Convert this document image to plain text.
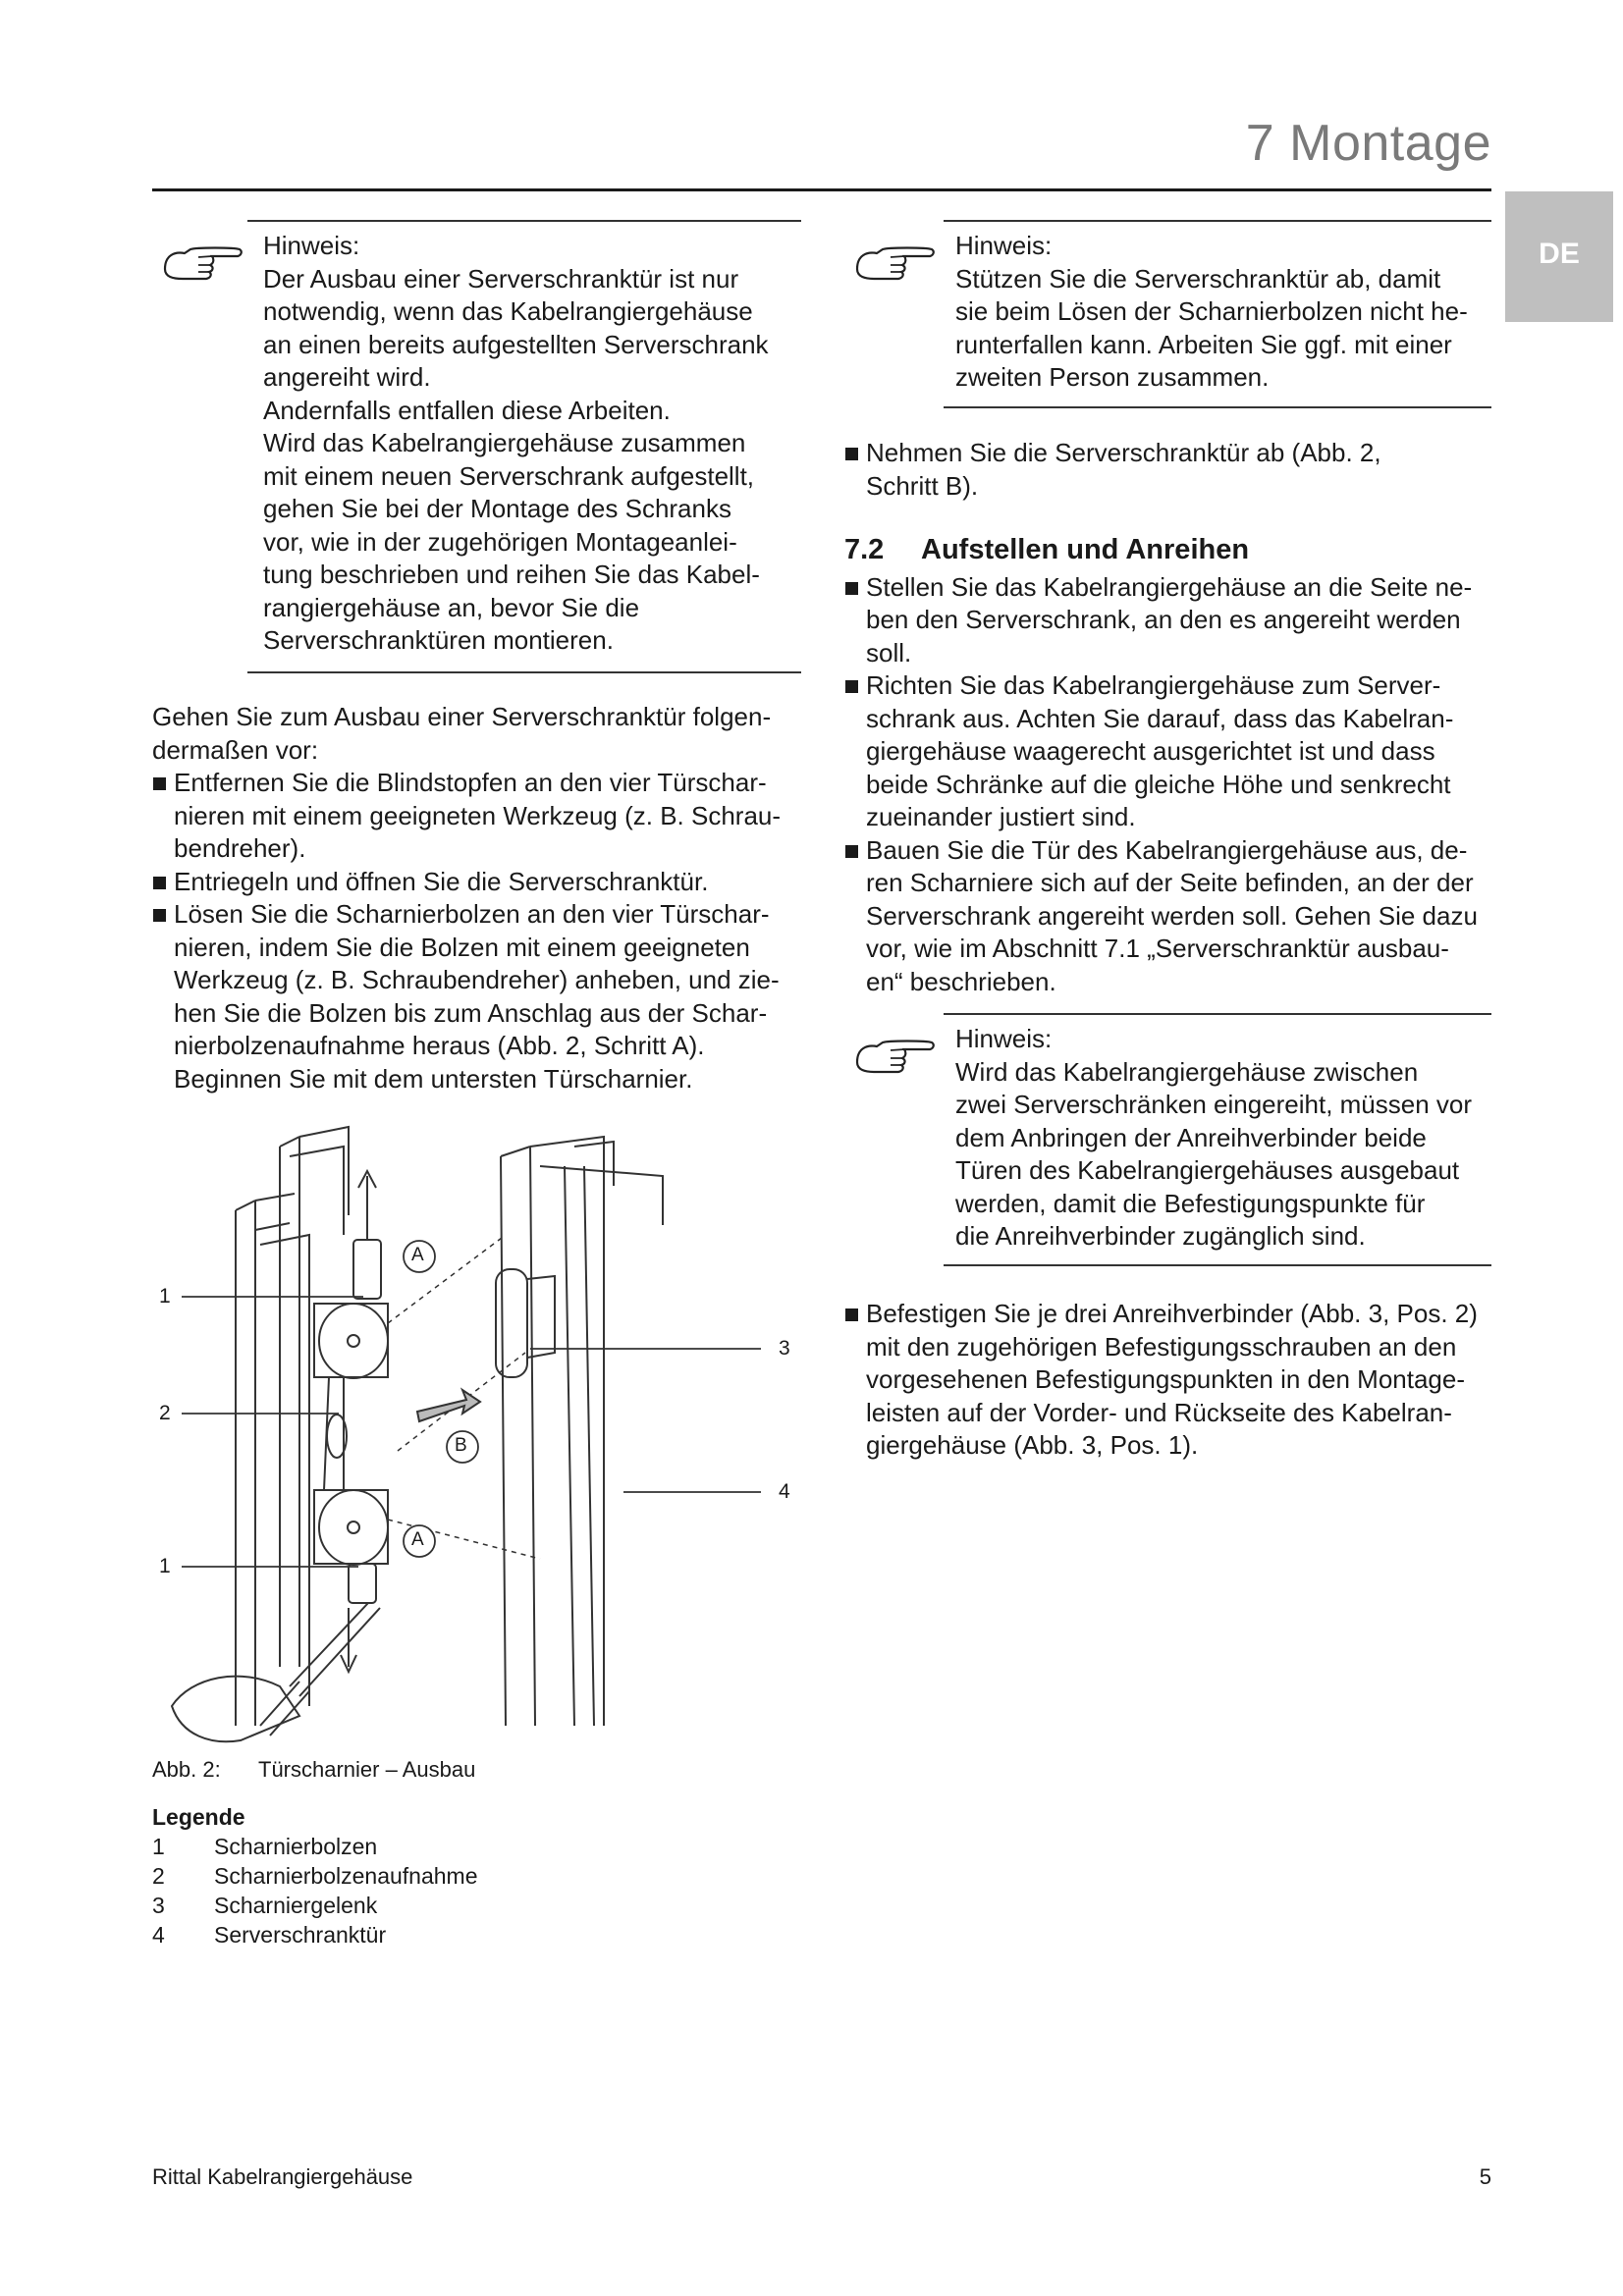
7 Montage
DE
Hinweis:
Der Ausbau einer Serverschranktür ist nur
notwendig, wenn das Kabelrangiergehäuse
an einen bereits aufgestellten Serverschrank
angereiht wird.
Andernfalls entfallen diese Arbeiten.
Wird das Kabelrangiergehäuse zusammen
mit einem neuen Serverschrank aufgestellt,
gehen Sie bei der Montage des Schranks
vor, wie in der zugehörigen Montageanlei-
tung beschrieben und reihen Sie das Kabel-
rangiergehäuse an, bevor Sie die
Serverschranktüren montieren.

Gehen Sie zum Ausbau einer Serverschranktür folgen-
dermaßen vor:

Entfernen Sie die Blindstopfen an den vier Türschar-
nieren mit einem geeigneten Werkzeug (z. B. Schrau-
bendreher).

Entriegeln und öffnen Sie die Serverschranktür.

Lösen Sie die Scharnierbolzen an den vier Türschar-
nieren, indem Sie die Bolzen mit einem geeigneten
Werkzeug (z. B. Schraubendreher) anheben, und zie-
hen Sie die Bolzen bis zum Anschlag aus der Schar-
nierbolzenaufnahme heraus (Abb. 2, Schritt A).
Beginnen Sie mit dem untersten Türscharnier.

1
2
1
3
4
A
B
A
Abb. 2: Türscharnier – Ausbau
Legende
1 Scharnierbolzen
2 Scharnierbolzenaufnahme
3 Scharniergelenk
4 Serverschranktür
Hinweis:
Stützen Sie die Serverschranktür ab, damit
sie beim Lösen der Scharnierbolzen nicht he-
runterfallen kann. Arbeiten Sie ggf. mit einer
zweiten Person zusammen.

Nehmen Sie die Serverschranktür ab (Abb. 2,
Schritt B).

7.2 Aufstellen und Anreihen

Stellen Sie das Kabelrangiergehäuse an die Seite ne-
ben den Serverschrank, an den es angereiht werden
soll.

Richten Sie das Kabelrangiergehäuse zum Server-
schrank aus. Achten Sie darauf, dass das Kabelran-
giergehäuse waagerecht ausgerichtet ist und dass
beide Schränke auf die gleiche Höhe und senkrecht
zueinander justiert sind.

Bauen Sie die Tür des Kabelrangiergehäuse aus, de-
ren Scharniere sich auf der Seite befinden, an der der
Serverschrank angereiht werden soll. Gehen Sie dazu
vor, wie im Abschnitt 7.1 „Serverschranktür ausbau-
en“ beschrieben.

Hinweis:
Wird das Kabelrangiergehäuse zwischen
zwei Serverschränken eingereiht, müssen vor
dem Anbringen der Anreihverbinder beide
Türen des Kabelrangiergehäuses ausgebaut
werden, damit die Befestigungspunkte für
die Anreihverbinder zugänglich sind.

Befestigen Sie je drei Anreihverbinder (Abb. 3, Pos. 2)
mit den zugehörigen Befestigungsschrauben an den
vorgesehenen Befestigungspunkten in den Montage-
leisten auf der Vorder- und Rückseite des Kabelran-
giergehäuse (Abb. 3, Pos. 1).

Rittal Kabelrangiergehäuse	5
